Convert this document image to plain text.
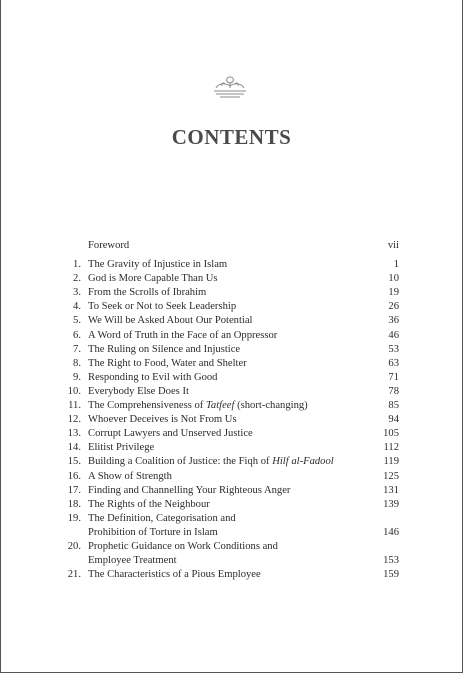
CONTENTS
Foreword	vii
1. The Gravity of Injustice in Islam	1
2. God is More Capable Than Us	10
3. From the Scrolls of Ibrahim	19
4. To Seek or Not to Seek Leadership	26
5. We Will be Asked About Our Potential	36
6. A Word of Truth in the Face of an Oppressor	46
7. The Ruling on Silence and Injustice	53
8. The Right to Food, Water and Shelter	63
9. Responding to Evil with Good	71
10. Everybody Else Does It	78
11. The Comprehensiveness of Tatfeef (short-changing)	85
12. Whoever Deceives is Not From Us	94
13. Corrupt Lawyers and Unserved Justice	105
14. Elitist Privilege	112
15. Building a Coalition of Justice: the Fiqh of Hilf al-Fadool	119
16. A Show of Strength	125
17. Finding and Channelling Your Righteous Anger	131
18. The Rights of the Neighbour	139
19. The Definition, Categorisation and
Prohibition of Torture in Islam	146
20. Prophetic Guidance on Work Conditions and
Employee Treatment	153
21. The Characteristics of a Pious Employee	159
